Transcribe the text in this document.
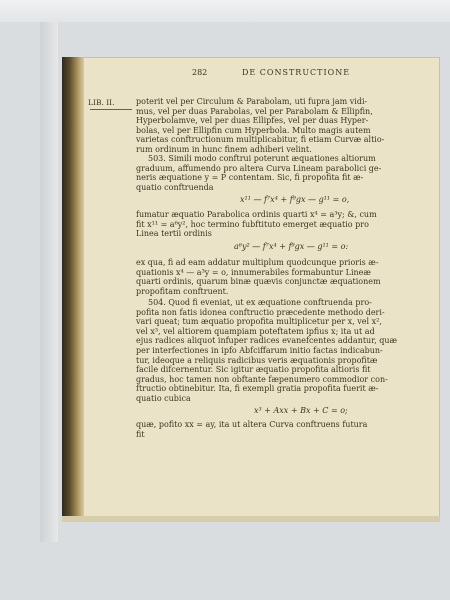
282	DE CONSTRUCTIONE
LIB. II.	poterit vel per Circulum & Parabolam, uti fupra jam vidi-
mus, vel per duas Parabolas, vel per Parabolam & Ellipfin,
Hyperbolamve, vel per duas Ellipfes, vel per duas Hyper-
bolas, vel per Ellipfin cum Hyperbola. Multo magis autem
varietas conftructionum multiplicabitur, fi etiam Curvæ altio-
rum ordinum in hunc finem adhiberi velint.
503. Simili modo conftrui poterunt æquationes altiorum
graduum, affumendo pro altera Curva Lineam parabolici ge-
neris æquatione y = P contentam. Sic, fi propofita fit æ-
quatio conftruenda
x¹¹ — f⁷x⁴ + f⁹gx — g¹¹ = o,
fumatur æquatio Parabolica ordinis quarti x⁴ = a³y; &, cum
fit x¹¹ = a⁶y², hoc termino fubftituto emerget æquatio pro
Linea tertii ordinis
a⁶y² — f⁷x⁴ + f⁹gx — g¹¹ = o:
ex qua, fi ad eam addatur multiplum quodcunque prioris æ-
quationis x⁴ — a³y = o, innumerabiles formabuntur Lineæ
quarti ordinis, quarum binæ quævis conjunctæ æquationem
propofitam conftruent.
504. Quod fi eveniat, ut ex æquatione conftruenda pro-
pofita non fatis idonea conftructio præcedente methodo deri-
vari queat; tum æquatio propofita multiplicetur per x, vel x²,
vel x³, vel altiorem quampiam poteftatem ipfius x; ita ut ad
ejus radices aliquot infuper radices evanefcentes addantur, quæ
per interfectiones in ipfo Abfciffarum initio factas indicabun-
tur, ideoque a reliquis radicibus veris æquationis propofitæ
facile difcernentur. Sic igitur æquatio propofita altioris fit
gradus, hoc tamen non obftante fæpenumero commodior con-
ftructio obtinebitur. Ita, fi exempli gratia propofita fuerit æ-
quatio cubica
x³ + Axx + Bx + C = o;
quæ, pofito xx = ay, ita ut altera Curva conftruens futura
fit
